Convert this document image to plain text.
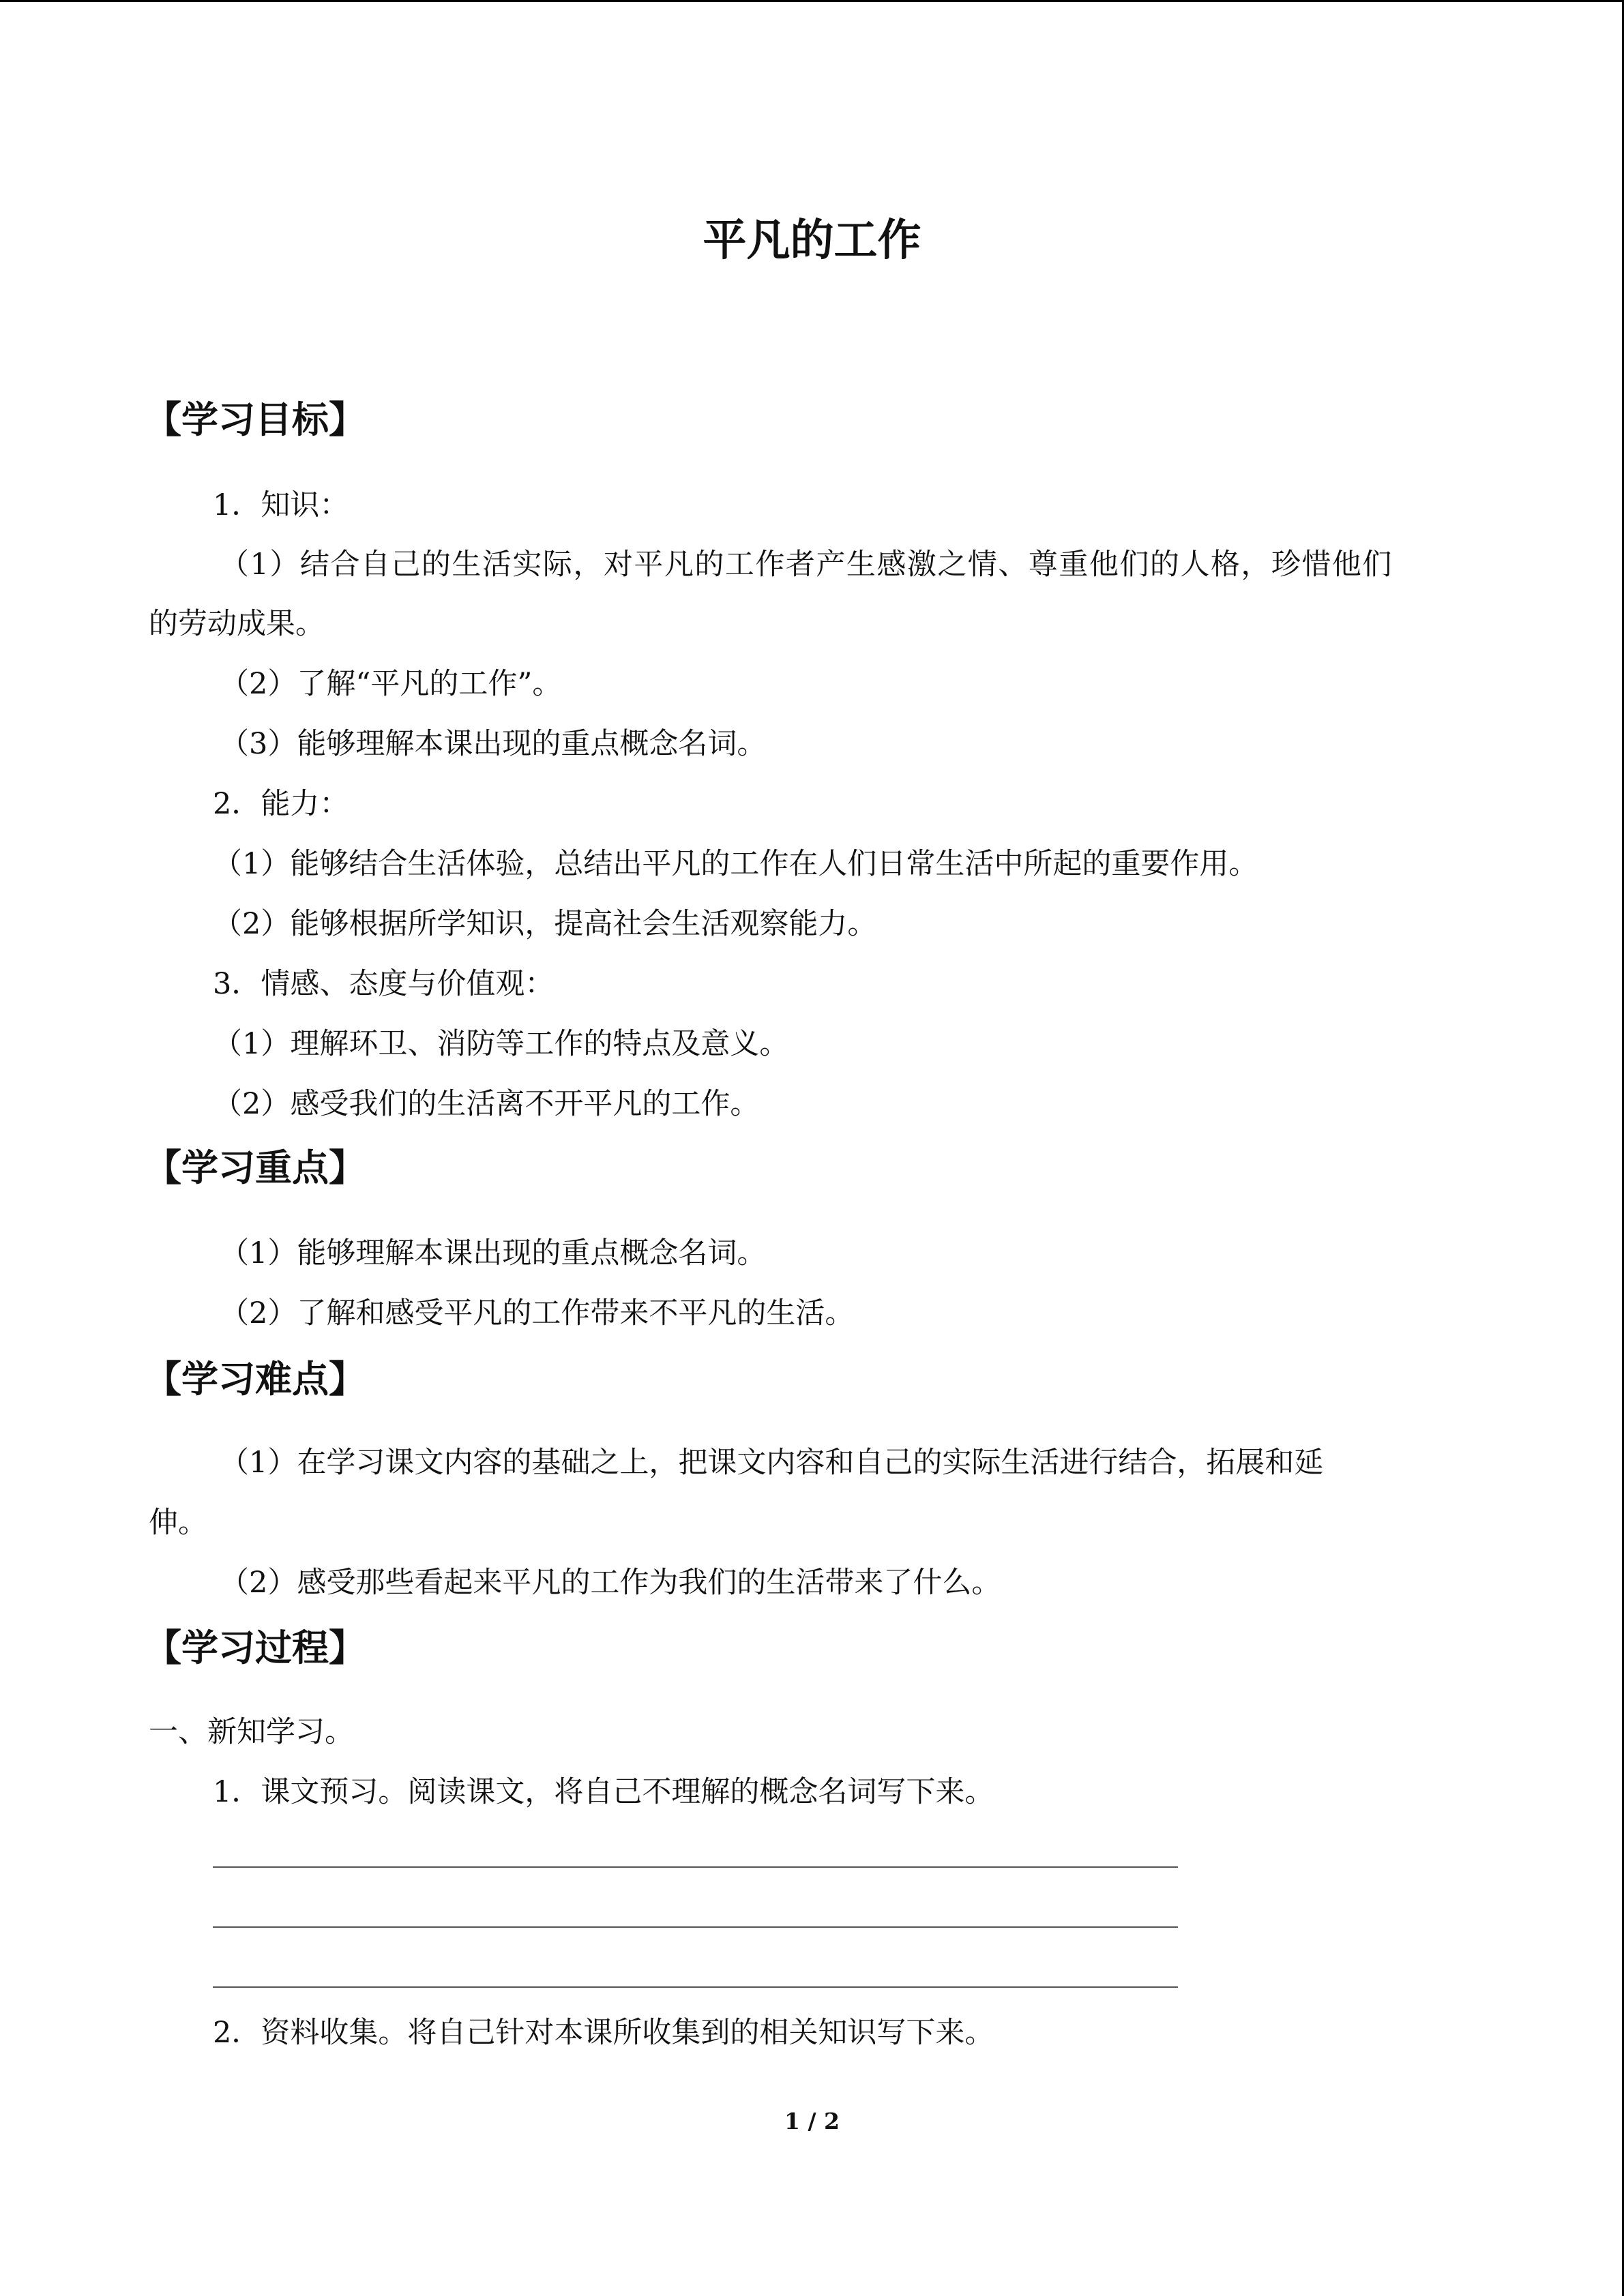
平凡的工作
【学习目标】
1．知识：
（1）结合自己的生活实际，对平凡的工作者产生感激之情、尊重他们的人格，珍惜他们
的劳动成果。
（2）了解“平凡的工作”。
（3）能够理解本课出现的重点概念名词。
2．能力：
（1）能够结合生活体验，总结出平凡的工作在人们日常生活中所起的重要作用。
（2）能够根据所学知识，提高社会生活观察能力。
3．情感、态度与价值观：
（1）理解环卫、消防等工作的特点及意义。
（2）感受我们的生活离不开平凡的工作。
【学习重点】
（1）能够理解本课出现的重点概念名词。
（2）了解和感受平凡的工作带来不平凡的生活。
【学习难点】
（1）在学习课文内容的基础之上，把课文内容和自己的实际生活进行结合，拓展和延
伸。
（2）感受那些看起来平凡的工作为我们的生活带来了什么。
【学习过程】
一、新知学习。
1．课文预习。阅读课文，将自己不理解的概念名词写下来。
2．资料收集。将自己针对本课所收集到的相关知识写下来。
1 / 2
